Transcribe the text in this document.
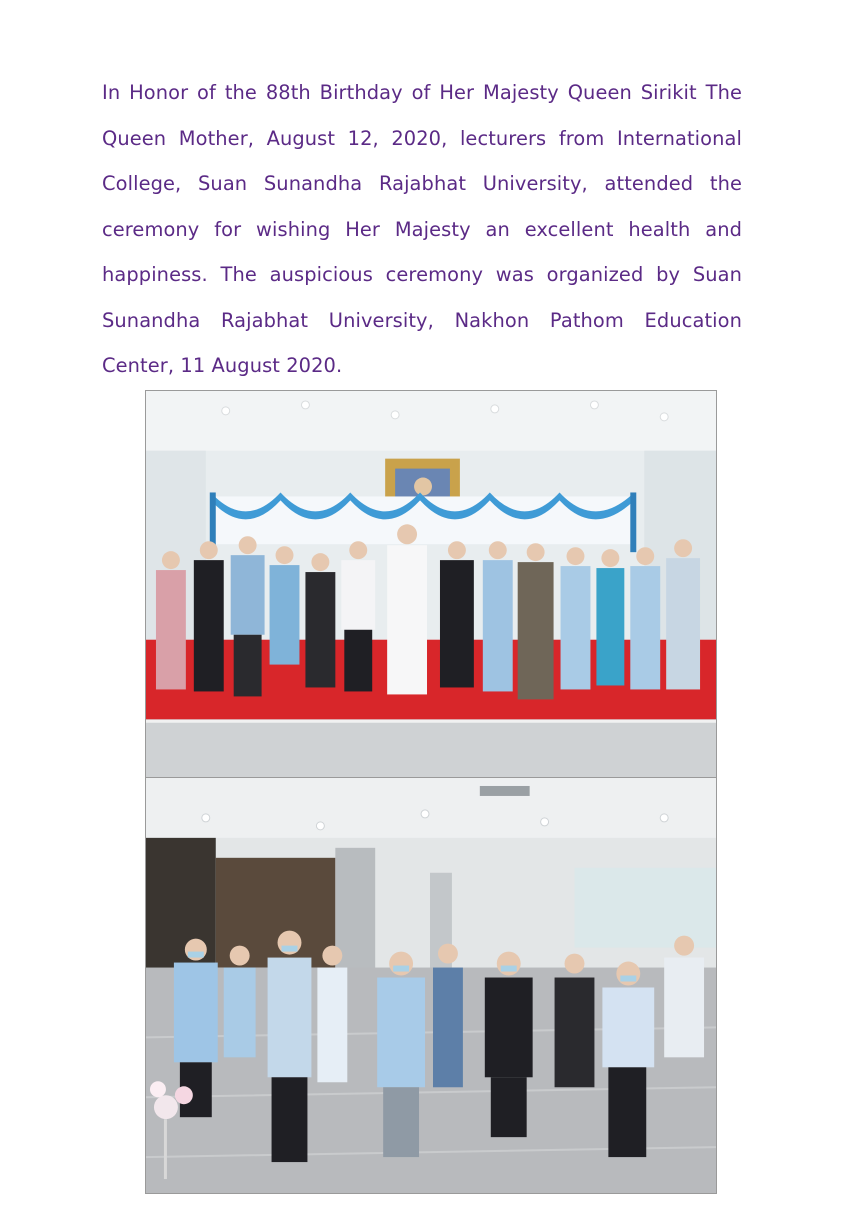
In Honor of the 88th Birthday of Her Majesty Queen Sirikit The Queen Mother, August 12, 2020, lecturers from International College, Suan Sunandha Rajabhat University, attended the ceremony for wishing Her Majesty an excellent health and happiness. The auspicious ceremony was organized by Suan Sunandha Rajabhat University, Nakhon Pathom Education Center, 11 August 2020.
